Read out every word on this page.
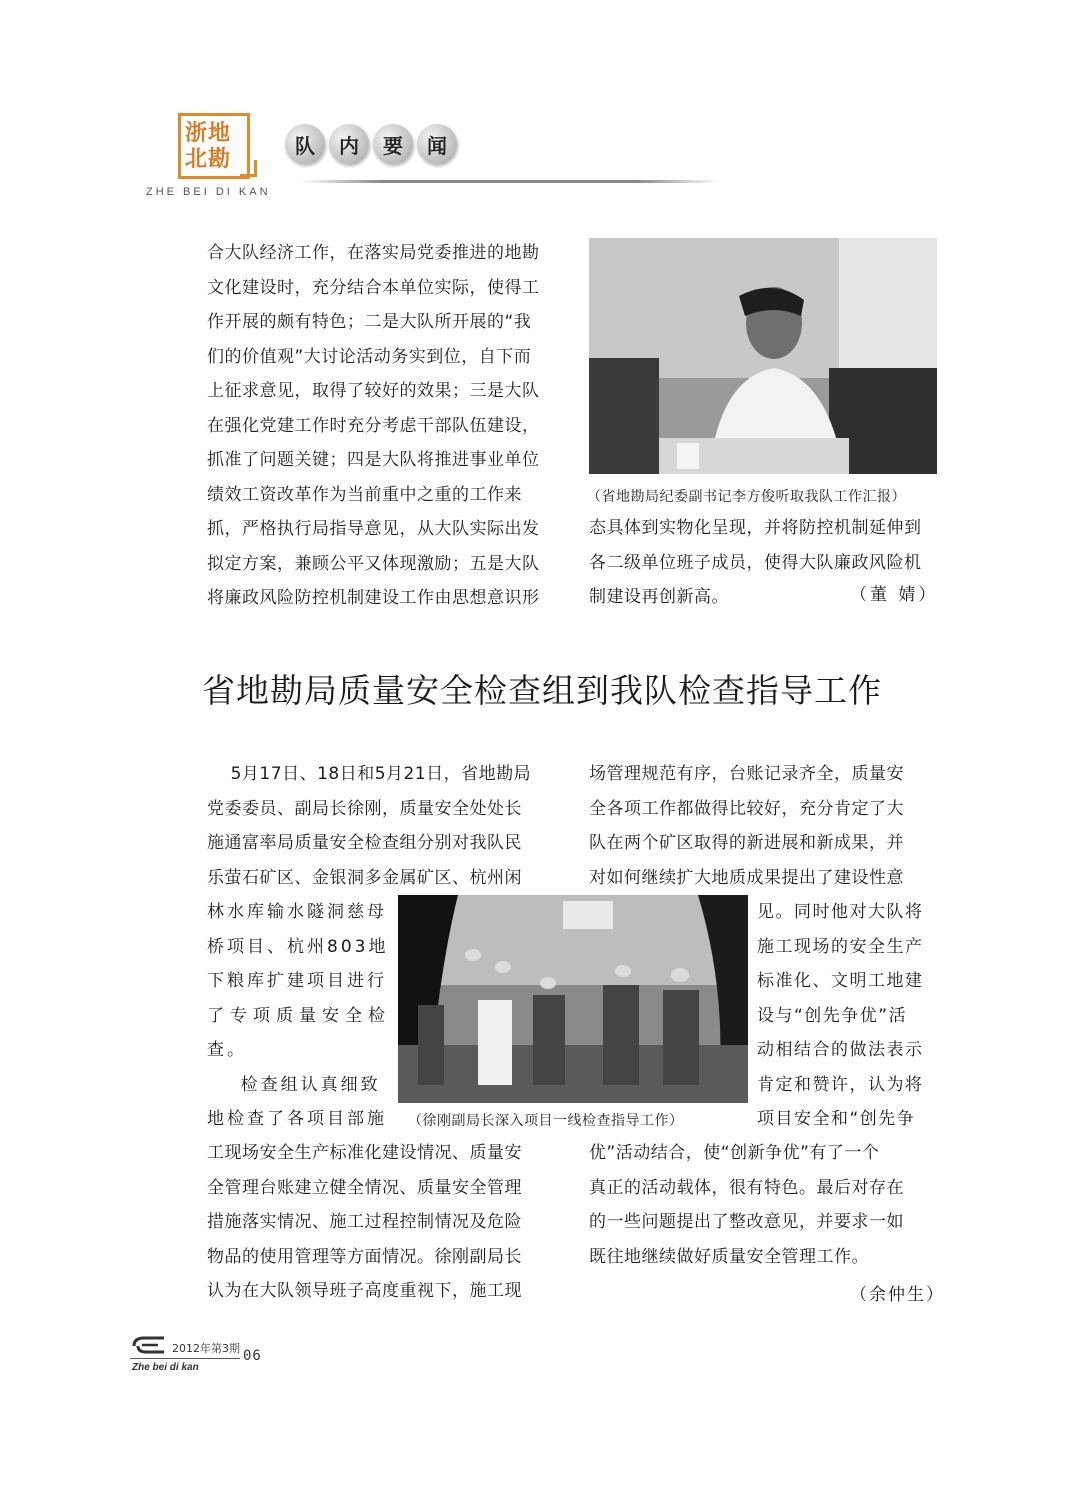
浙地
北勘
ZHE BEI DI KAN
队	内	要	闻
合大队经济工作，在落实局党委推进的地勘
文化建设时，充分结合本单位实际，使得工
作开展的颇有特色；二是大队所开展的“我
们的价值观”大讨论活动务实到位，自下而
上征求意见，取得了较好的效果；三是大队
在强化党建工作时充分考虑干部队伍建设，
抓准了问题关键；四是大队将推进事业单位
绩效工资改革作为当前重中之重的工作来
抓，严格执行局指导意见，从大队实际出发
拟定方案，兼顾公平又体现激励；五是大队
将廉政风险防控机制建设工作由思想意识形
（省地勘局纪委副书记李方俊听取我队工作汇报）
态具体到实物化呈现，并将防控机制延伸到
各二级单位班子成员，使得大队廉政风险机
制建设再创新高。	（董 婧）
省地勘局质量安全检查组到我队检查指导工作
5月17日、18日和5月21日，省地勘局
党委委员、副局长徐刚，质量安全处处长
施通富率局质量安全检查组分别对我队民
乐萤石矿区、金银洞多金属矿区、杭州闲
林水库输水隧洞慈母
桥项目、杭州803地
下粮库扩建项目进行
了专项质量安全检
查。
检查组认真细致
地检查了各项目部施	（徐刚副局长深入项目一线检查指导工作）
工现场安全生产标准化建设情况、质量安
全管理台账建立健全情况、质量安全管理
措施落实情况、施工过程控制情况及危险
物品的使用管理等方面情况。徐刚副局长
认为在大队领导班子高度重视下，施工现
场管理规范有序，台账记录齐全，质量安
全各项工作都做得比较好，充分肯定了大
队在两个矿区取得的新进展和新成果，并
对如何继续扩大地质成果提出了建设性意
见。同时他对大队将
施工现场的安全生产
标准化、文明工地建
设与“创先争优”活
动相结合的做法表示
肯定和赞许，认为将
项目安全和“创先争
优”活动结合，使“创新争优”有了一个
真正的活动载体，很有特色。最后对存在
的一些问题提出了整改意见，并要求一如
既往地继续做好质量安全管理工作。
（余仲生）
2012年第3期 06
Zhe bei di kan
